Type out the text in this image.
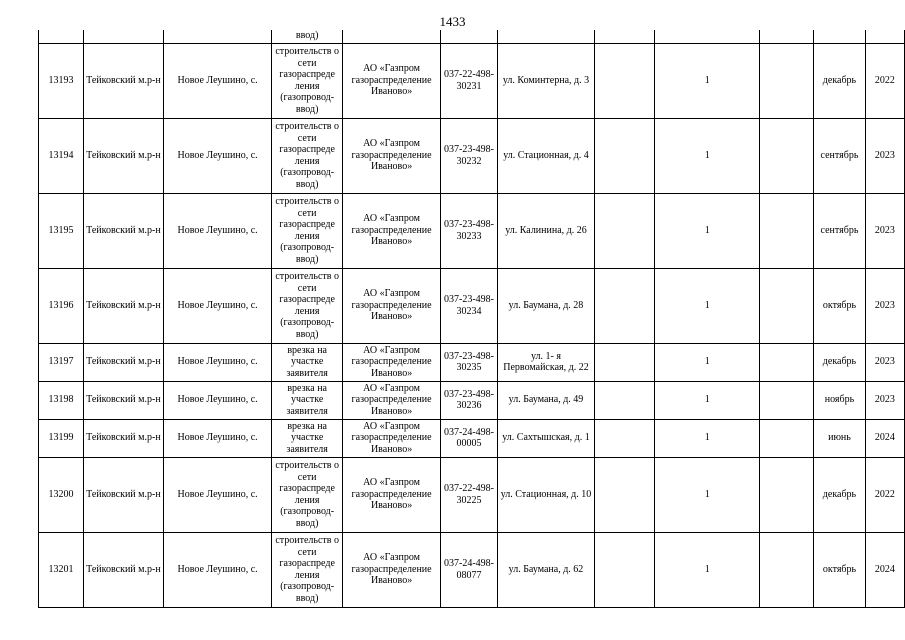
1433
			ввод)								
13193	Тейковский м.р-н	Новое Леушино, с.	строительств о сети газораспреде ления (газопровод- ввод)	АО «Газпром газораспределение Иваново»	037-22-498-30231	ул. Коминтерна, д. 3		1		декабрь	2022
13194	Тейковский м.р-н	Новое Леушино, с.	строительств о сети газораспреде ления (газопровод- ввод)	АО «Газпром газораспределение Иваново»	037-23-498-30232	ул. Стационная, д. 4		1		сентябрь	2023
13195	Тейковский м.р-н	Новое Леушино, с.	строительств о сети газораспреде ления (газопровод- ввод)	АО «Газпром газораспределение Иваново»	037-23-498-30233	ул. Калинина, д. 26		1		сентябрь	2023
13196	Тейковский м.р-н	Новое Леушино, с.	строительств о сети газораспреде ления (газопровод- ввод)	АО «Газпром газораспределение Иваново»	037-23-498-30234	ул. Баумана, д. 28		1		октябрь	2023
13197	Тейковский м.р-н	Новое Леушино, с.	врезка на участке заявителя	АО «Газпром газораспределение Иваново»	037-23-498-30235	ул. 1- я Первомайская, д. 22		1		декабрь	2023
13198	Тейковский м.р-н	Новое Леушино, с.	врезка на участке заявителя	АО «Газпром газораспределение Иваново»	037-23-498-30236	ул. Баумана, д. 49		1		ноябрь	2023
13199	Тейковский м.р-н	Новое Леушино, с.	врезка на участке заявителя	АО «Газпром газораспределение Иваново»	037-24-498-00005	ул. Сахтышская, д. 1		1		июнь	2024
13200	Тейковский м.р-н	Новое Леушино, с.	строительств о сети газораспреде ления (газопровод- ввод)	АО «Газпром газораспределение Иваново»	037-22-498-30225	ул. Стационная, д. 10		1		декабрь	2022
13201	Тейковский м.р-н	Новое Леушино, с.	строительств о сети газораспреде ления (газопровод- ввод)	АО «Газпром газораспределение Иваново»	037-24-498-08077	ул. Баумана, д. 62		1		октябрь	2024
